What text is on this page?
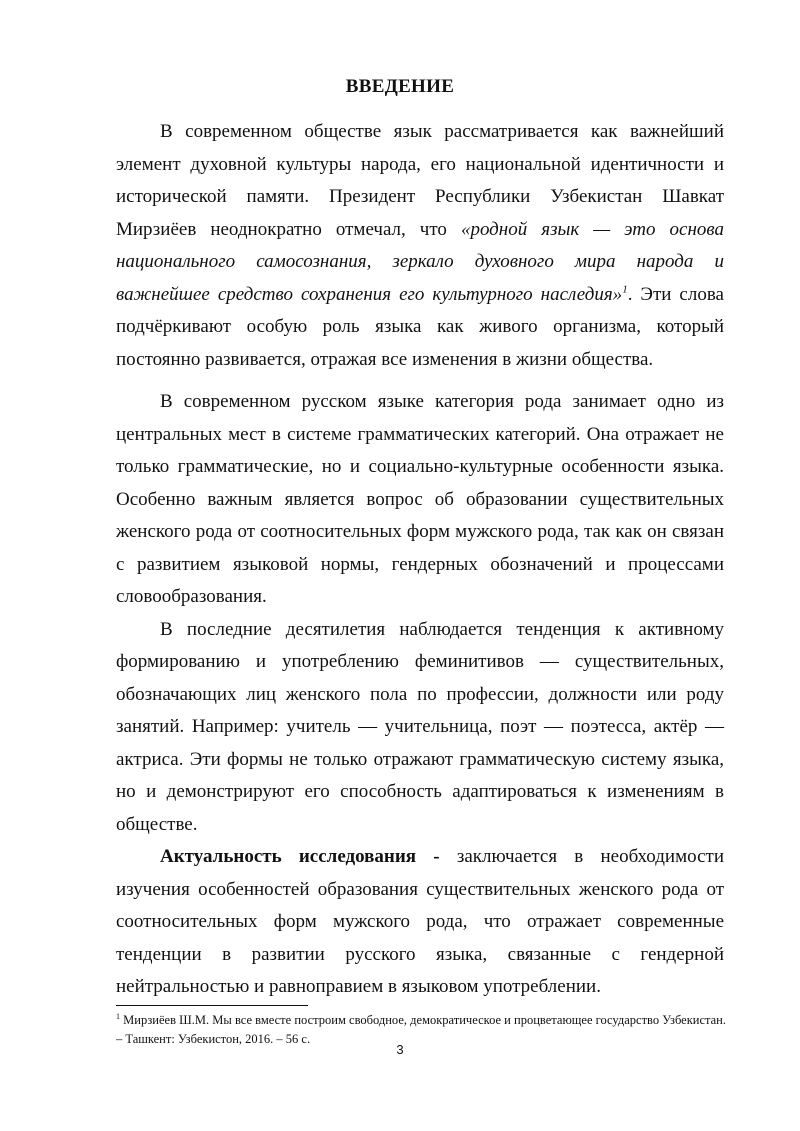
ВВЕДЕНИЕ

В современном обществе язык рассматривается как важнейший элемент духовной культуры народа, его национальной идентичности и исторической памяти. Президент Республики Узбекистан Шавкат Мирзиёев неоднократно отмечал, что «родной язык — это основа национального самосознания, зеркало духовного мира народа и важнейшее средство сохранения его культурного наследия»$^1$. Эти слова подчёркивают особую роль языка как живого организма, который постоянно развивается, отражая все изменения в жизни общества.

В современном русском языке категория рода занимает одно из центральных мест в системе грамматических категорий. Она отражает не только грамматические, но и социально-культурные особенности языка. Особенно важным является вопрос об образовании существительных женского рода от соотносительных форм мужского рода, так как он связан с развитием языковой нормы, гендерных обозначений и процессами словообразования.

В последние десятилетия наблюдается тенденция к активному формированию и употреблению феминитивов — существительных, обозначающих лиц женского пола по профессии, должности или роду занятий. Например: учитель — учительница, поэт — поэтесса, актёр — актриса. Эти формы не только отражают грамматическую систему языка, но и демонстрируют его способность адаптироваться к изменениям в обществе.

Актуальность исследования - заключается в необходимости изучения особенностей образования существительных женского рода от соотносительных форм мужского рода, что отражает современные тенденции в развитии русского языка, связанные с гендерной нейтральностью и равноправием в языковом употреблении.

$^1$ Мирзиёев Ш.М. Мы все вместе построим свободное, демократическое и процветающее государство Узбекистан. – Ташкент: Узбекистон, 2016. – 56 с.
3
